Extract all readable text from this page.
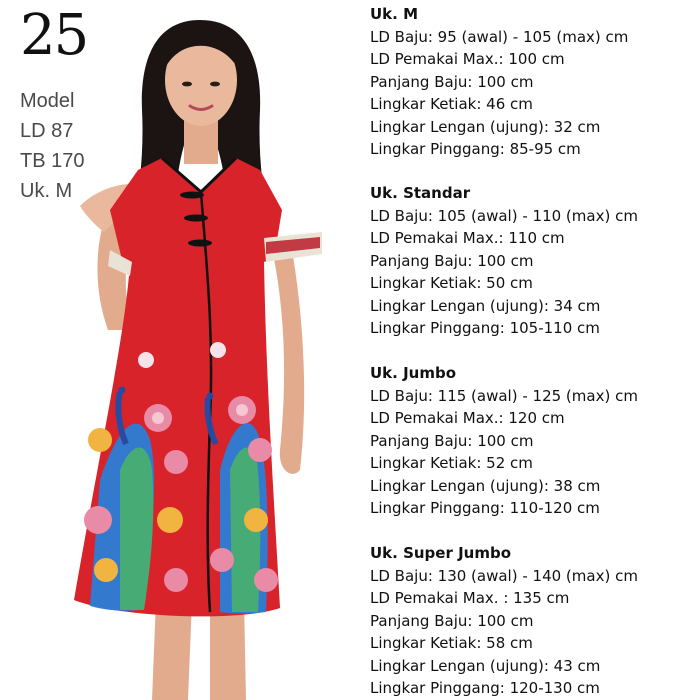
25
Model
LD 87
TB 170
Uk. M
Uk. M
LD Baju: 95 (awal) - 105 (max) cm
LD Pemakai Max.: 100 cm
Panjang Baju: 100 cm
Lingkar Ketiak: 46 cm
Lingkar Lengan (ujung): 32 cm
Lingkar Pinggang: 85-95 cm
Uk. Standar
LD Baju: 105 (awal) - 110 (max) cm
LD Pemakai Max.: 110 cm
Panjang Baju: 100 cm
Lingkar Ketiak: 50 cm
Lingkar Lengan (ujung): 34 cm
Lingkar Pinggang: 105-110 cm
Uk. Jumbo
LD Baju: 115 (awal) - 125 (max) cm
LD Pemakai Max.: 120 cm
Panjang Baju: 100 cm
Lingkar Ketiak: 52 cm
Lingkar Lengan (ujung): 38 cm
Lingkar Pinggang: 110-120 cm
Uk. Super Jumbo
LD Baju: 130 (awal) - 140 (max) cm
LD Pemakai Max. : 135 cm
Panjang Baju: 100 cm
Lingkar Ketiak: 58 cm
Lingkar Lengan (ujung): 43 cm
Lingkar Pinggang: 120-130 cm
